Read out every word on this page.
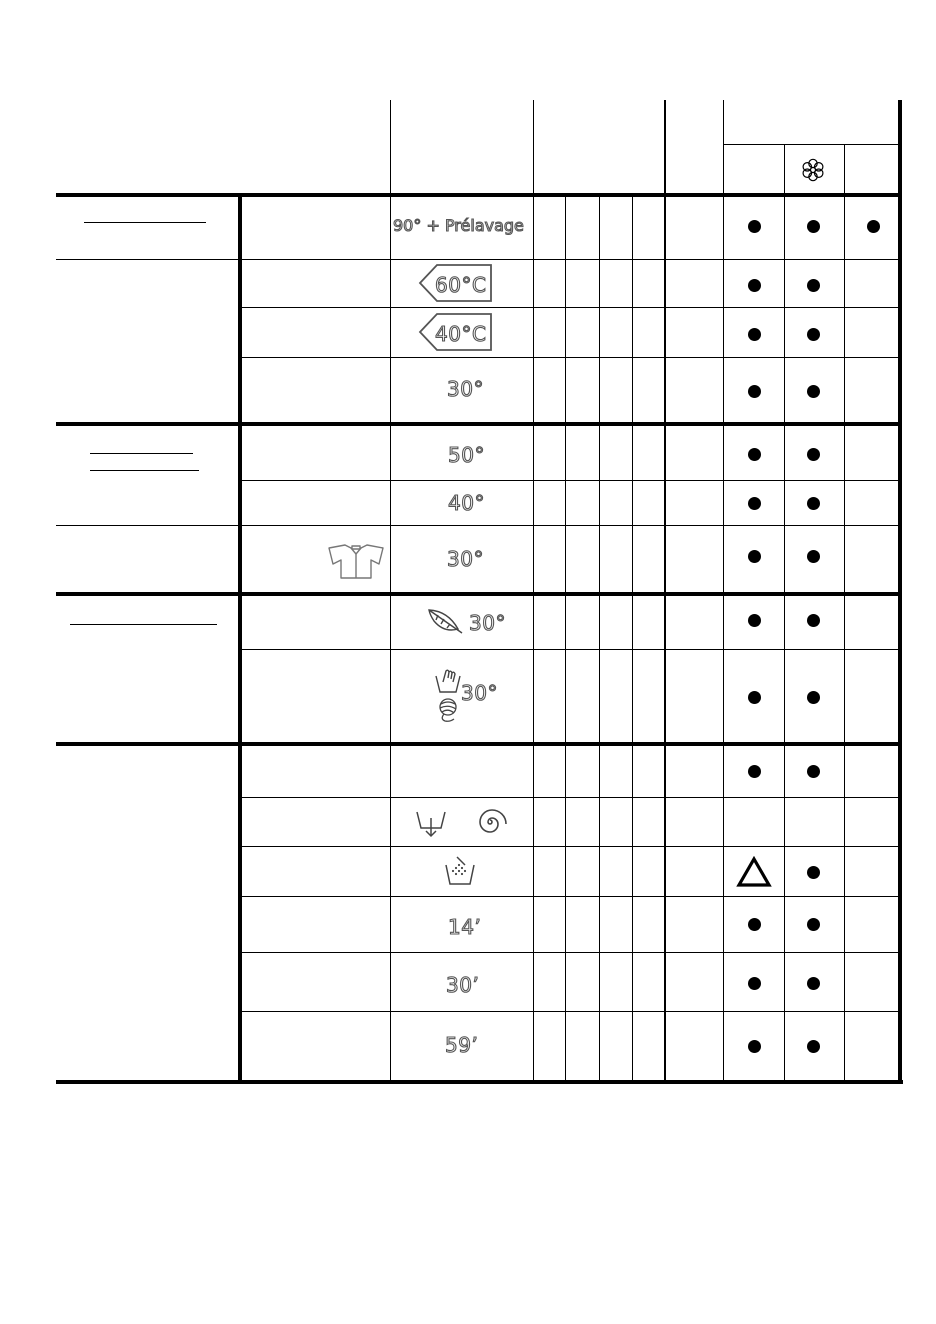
90° + Prélavage
60°C
40°C
30°
50°
40°
30°
30°
30°
14’
30’
59’
